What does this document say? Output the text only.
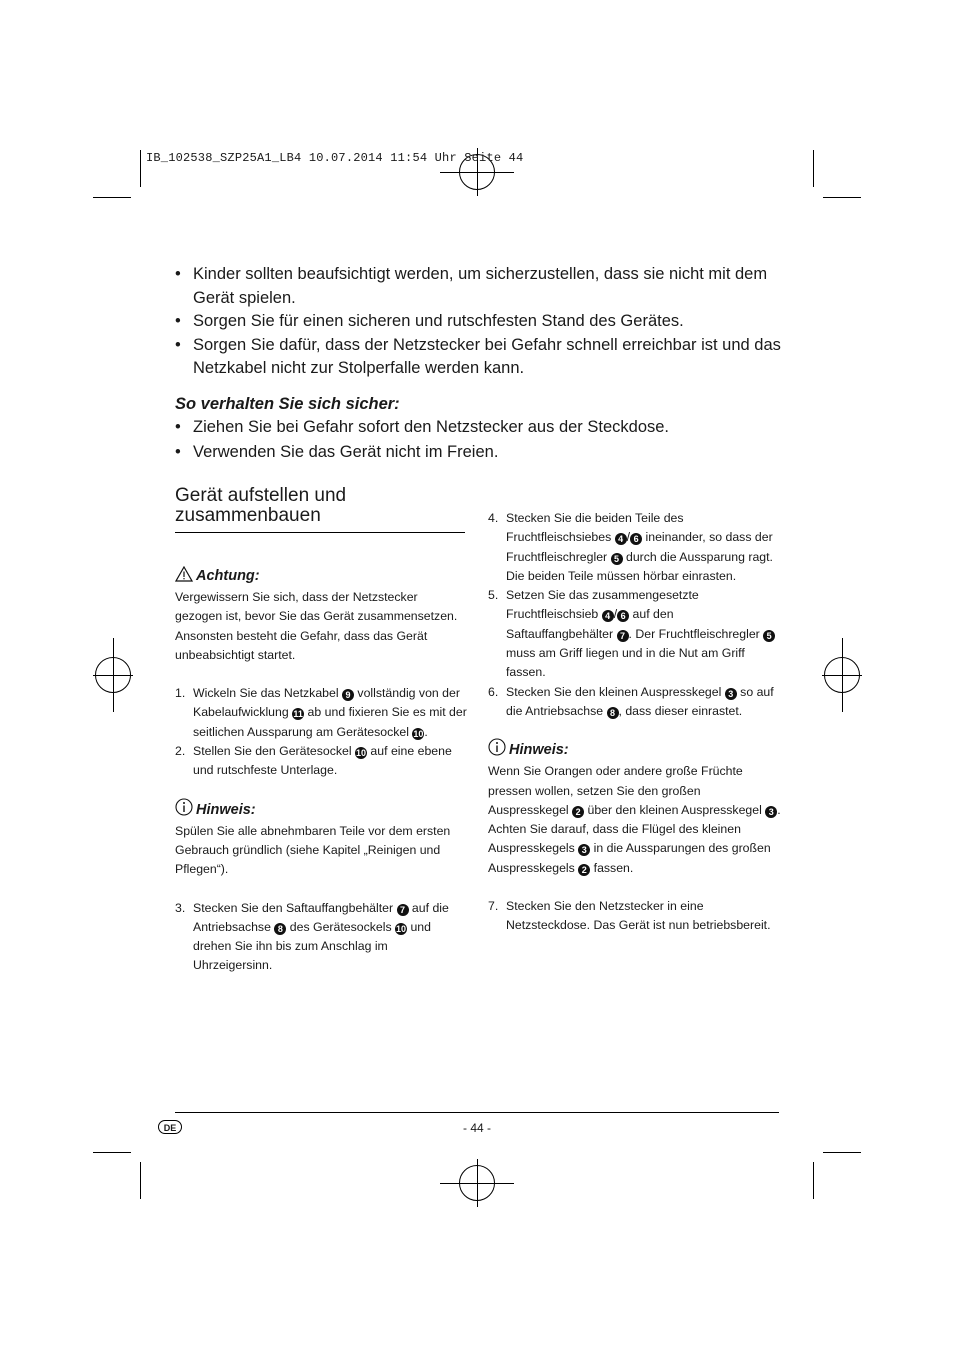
IB_102538_SZP25A1_LB4 10.07.2014 11:54 Uhr Seite 44

• Kinder sollten beaufsichtigt werden, um sicherzustellen, dass sie nicht mit dem Gerät spielen.

• Sorgen Sie für einen sicheren und rutschfesten Stand des Gerätes.

• Sorgen Sie dafür, dass der Netzstecker bei Gefahr schnell erreichbar ist und das Netzkabel nicht zur Stolperfalle werden kann.

So verhalten Sie sich sicher:

• Ziehen Sie bei Gefahr sofort den Netzstecker aus der Steckdose.

• Verwenden Sie das Gerät nicht im Freien.

Gerät aufstellen und zusammenbauen

Achtung:

Vergewissern Sie sich, dass der Netzstecker gezogen ist, bevor Sie das Gerät zusammensetzen. Ansonsten besteht die Gefahr, dass das Gerät unbeabsichtigt startet.

1. Wickeln Sie das Netzkabel 9 vollständig von der Kabelaufwicklung 11 ab und fixieren Sie es mit der seitlichen Aussparung am Gerätesockel 10.

2. Stellen Sie den Gerätesockel 10 auf eine ebene und rutschfeste Unterlage.

Hinweis:

Spülen Sie alle abnehmbaren Teile vor dem ersten Gebrauch gründlich (siehe Kapitel „Reinigen und Pflegen“).

3. Stecken Sie den Saftauffangbehälter 7 auf die Antriebsachse 8 des Gerätesockels 10 und drehen Sie ihn bis zum Anschlag im Uhrzeigersinn.

4. Stecken Sie die beiden Teile des Fruchtfleischsiebes 4 / 6 ineinander, so dass der Fruchtfleischregler 5 durch die Aussparung ragt. Die beiden Teile müssen hörbar einrasten.

5. Setzen Sie das zusammengesetzte Fruchtfleischsieb 4 / 6 auf den Saftauffangbehälter 7 . Der Fruchtfleischregler 5 muss am Griff liegen und in die Nut am Griff fassen.

6. Stecken Sie den kleinen Auspresskegel 3 so auf die Antriebsachse 8 , dass dieser einrastet.

Hinweis:

Wenn Sie Orangen oder andere große Früchte pressen wollen, setzen Sie den großen Auspresskegel 2 über den kleinen Auspresskegel 3 . Achten Sie darauf, dass die Flügel des kleinen Auspresskegels 3 in die Aussparungen des großen Auspresskegels 2 fassen.

7. Stecken Sie den Netzstecker in eine Netzsteckdose. Das Gerät ist nun betriebsbereit.

DE	- 44 -
